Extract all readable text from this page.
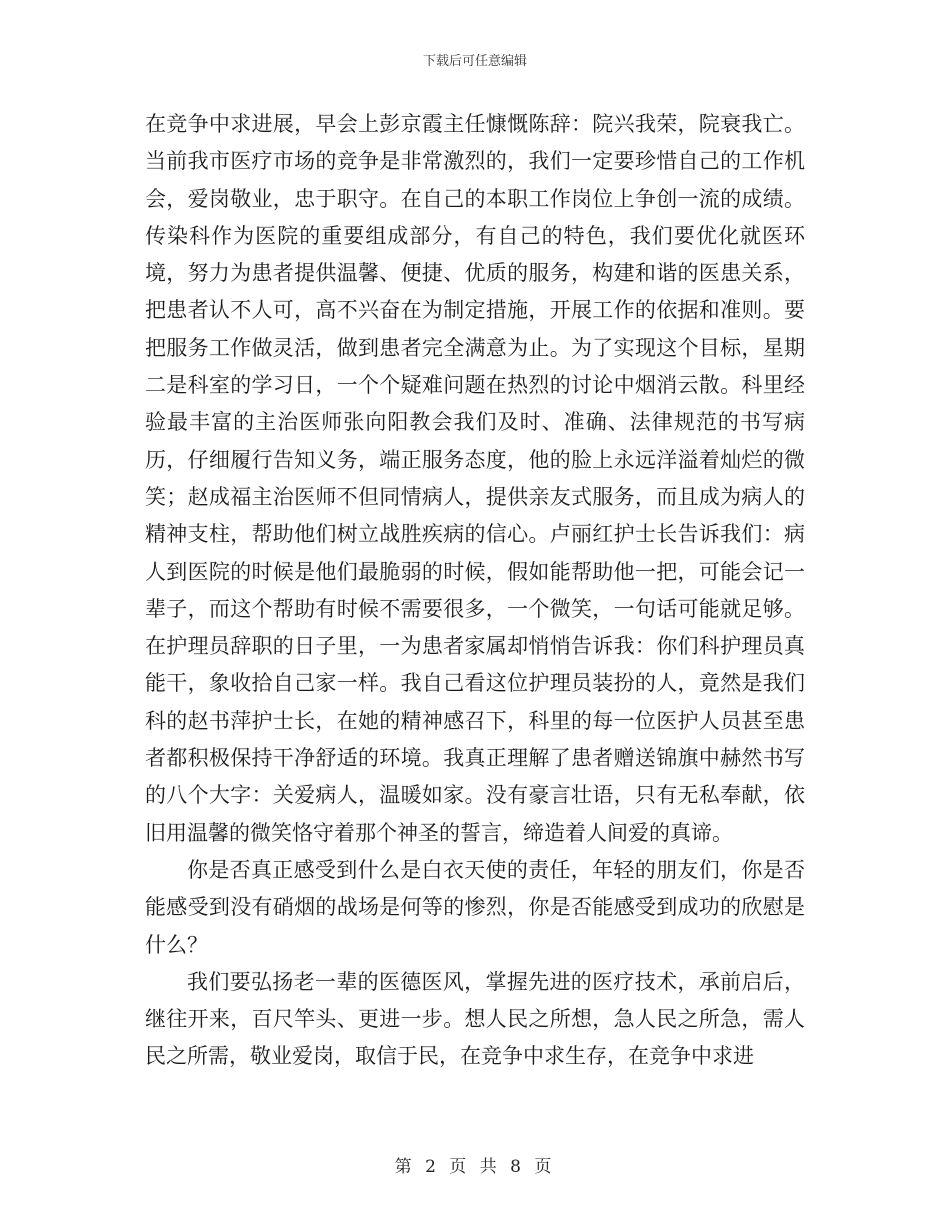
下载后可任意编辑

在竞争中求进展，早会上彭京霞主任慷慨陈辞：院兴我荣，院衰我亡。当前我市医疗市场的竞争是非常激烈的，我们一定要珍惜自己的工作机会，爱岗敬业，忠于职守。在自己的本职工作岗位上争创一流的成绩。传染科作为医院的重要组成部分，有自己的特色，我们要优化就医环境，努力为患者提供温馨、便捷、优质的服务，构建和谐的医患关系，把患者认不人可，高不兴奋在为制定措施，开展工作的依据和准则。要把服务工作做灵活，做到患者完全满意为止。为了实现这个目标，星期二是科室的学习日，一个个疑难问题在热烈的讨论中烟消云散。科里经验最丰富的主治医师张向阳教会我们及时、准确、法律规范的书写病历，仔细履行告知义务，端正服务态度，他的脸上永远洋溢着灿烂的微笑；赵成福主治医师不但同情病人，提供亲友式服务，而且成为病人的精神支柱，帮助他们树立战胜疾病的信心。卢丽红护士长告诉我们：病人到医院的时候是他们最脆弱的时候，假如能帮助他一把，可能会记一辈子，而这个帮助有时候不需要很多，一个微笑，一句话可能就足够。在护理员辞职的日子里，一为患者家属却悄悄告诉我：你们科护理员真能干，象收拾自己家一样。我自己看这位护理员装扮的人，竟然是我们科的赵书萍护士长，在她的精神感召下，科里的每一位医护人员甚至患者都积极保持干净舒适的环境。我真正理解了患者赠送锦旗中赫然书写的八个大字：关爱病人，温暖如家。没有豪言壮语，只有无私奉献，依旧用温馨的微笑恪守着那个神圣的誓言，缔造着人间爱的真谛。

你是否真正感受到什么是白衣天使的责任，年轻的朋友们，你是否能感受到没有硝烟的战场是何等的惨烈，你是否能感受到成功的欣慰是什么？

我们要弘扬老一辈的医德医风，掌握先进的医疗技术，承前启后，继往开来，百尺竿头、更进一步。想人民之所想，急人民之所急，需人民之所需，敬业爱岗，取信于民，在竞争中求生存，在竞争中求进

第 2 页 共 8 页
